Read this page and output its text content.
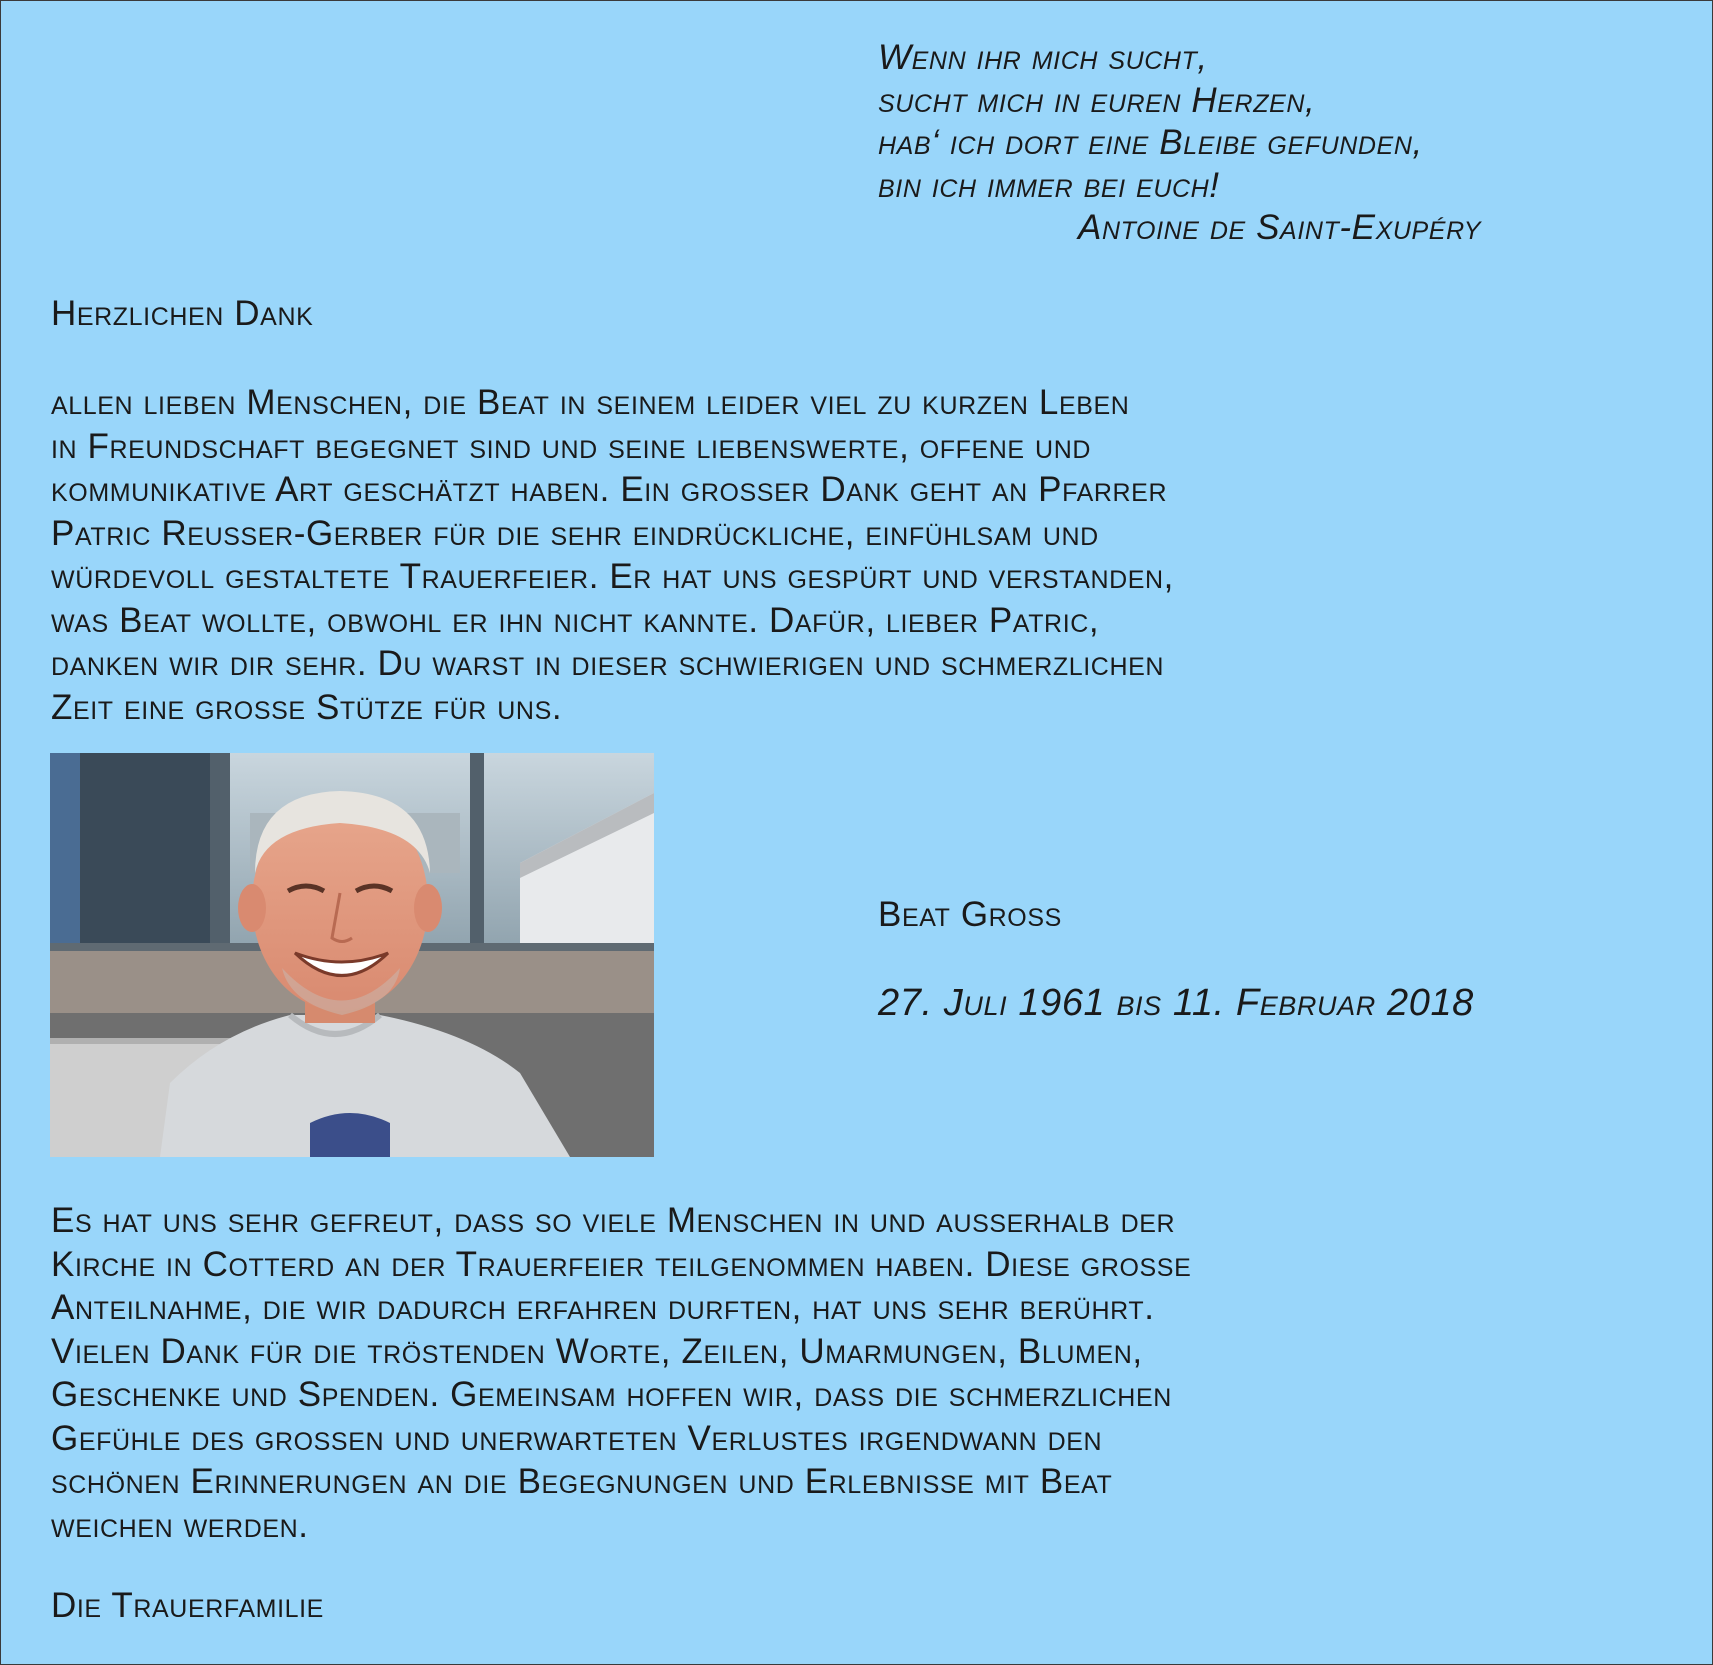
Wenn ihr mich sucht,
sucht mich in euren Herzen,
hab‘ ich dort eine Bleibe gefunden,
bin ich immer bei euch!
Antoine de Saint-Exupéry
Herzlichen Dank
allen lieben Menschen, die Beat in seinem leider viel zu kurzen Leben
in Freundschaft begegnet sind und seine liebenswerte, offene und
kommunikative Art geschätzt haben. Ein grosser Dank geht an Pfarrer
Patric Reusser-Gerber für die sehr eindrückliche, einfühlsam und
würdevoll gestaltete Trauerfeier. Er hat uns gespürt und verstanden,
was Beat wollte, obwohl er ihn nicht kannte. Dafür, lieber Patric,
danken wir dir sehr. Du warst in dieser schwierigen und schmerzlichen
Zeit eine grosse Stütze für uns.
Beat Gross
27. Juli 1961 bis 11. Februar 2018
Es hat uns sehr gefreut, dass so viele Menschen in und ausserhalb der
Kirche in Cotterd an der Trauerfeier teilgenommen haben. Diese grosse
Anteilnahme, die wir dadurch erfahren durften, hat uns sehr berührt.
Vielen Dank für die tröstenden Worte, Zeilen, Umarmungen, Blumen,
Geschenke und Spenden. Gemeinsam hoffen wir, dass die schmerzlichen
Gefühle des grossen und unerwarteten Verlustes irgendwann den
schönen Erinnerungen an die Begegnungen und Erlebnisse mit Beat
weichen werden.
Die Trauerfamilie
